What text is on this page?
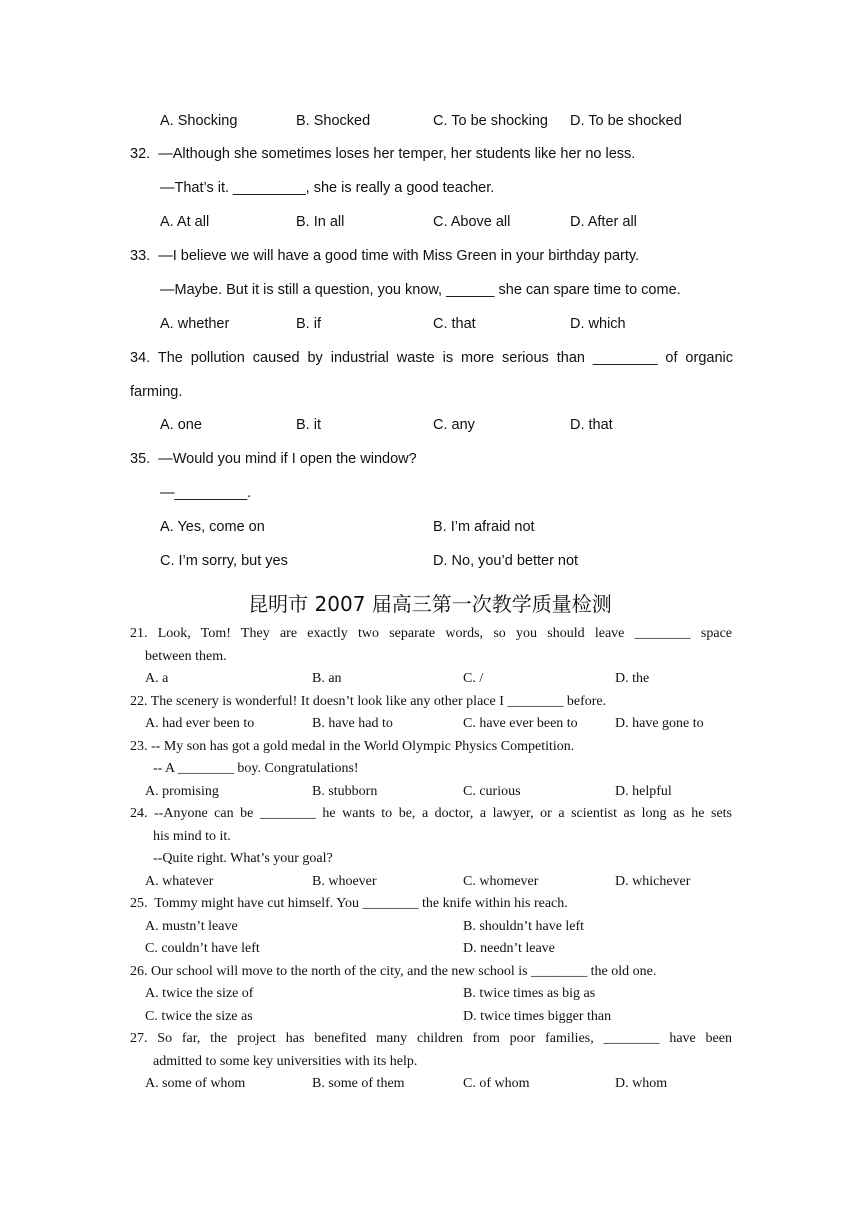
A. Shocking	B. Shocked	C. To be shocking D. To be shocked
32.  —Although she sometimes loses her temper, her students like her no less.
—That’s it. _________, she is really a good teacher.
A. At all	B. In all	C. Above all	D. After all
33.  —I believe we will have a good time with Miss Green in your birthday party.
—Maybe. But it is still a question, you know, ______ she can spare time to come.
A. whether	B. if	C. that	D. which
34. The pollution caused by industrial waste is more serious than ________ of organic
farming.
A. one	B. it	C. any	D. that
35.  —Would you mind if I open the window?
—_________.
A. Yes, come on	B. I’m afraid not
C. I’m sorry, but yes	D. No, you’d better not
昆明市 2007 届高三第一次教学质量检测
21. Look, Tom! They are exactly two separate words, so you should leave ________ space
between them.
A. a	B. an	C. /	D. the
22. The scenery is wonderful! It doesn’t look like any other place I ________ before.
A. had ever been to	B. have had to	C. have ever been to	D. have gone to
23. -- My son has got a gold medal in the World Olympic Physics Competition.
-- A ________ boy. Congratulations!
A. promising	B. stubborn	C. curious	D. helpful
24. --Anyone can be ________ he wants to be, a doctor, a lawyer, or a scientist as long as he sets
his mind to it.
--Quite right. What’s your goal?
A. whatever	B. whoever	C. whomever	D. whichever
25.  Tommy might have cut himself. You ________ the knife within his reach.
A. mustn’t leave	B. shouldn’t have left
C. couldn’t have left	D. needn’t leave
26. Our school will move to the north of the city, and the new school is ________ the old one.
A. twice the size of	B. twice times as big as
C. twice the size as	D. twice times bigger than
27. So far, the project has benefited many children from poor families, ________ have been
admitted to some key universities with its help.
A. some of whom	B. some of them	C. of whom	D. whom
